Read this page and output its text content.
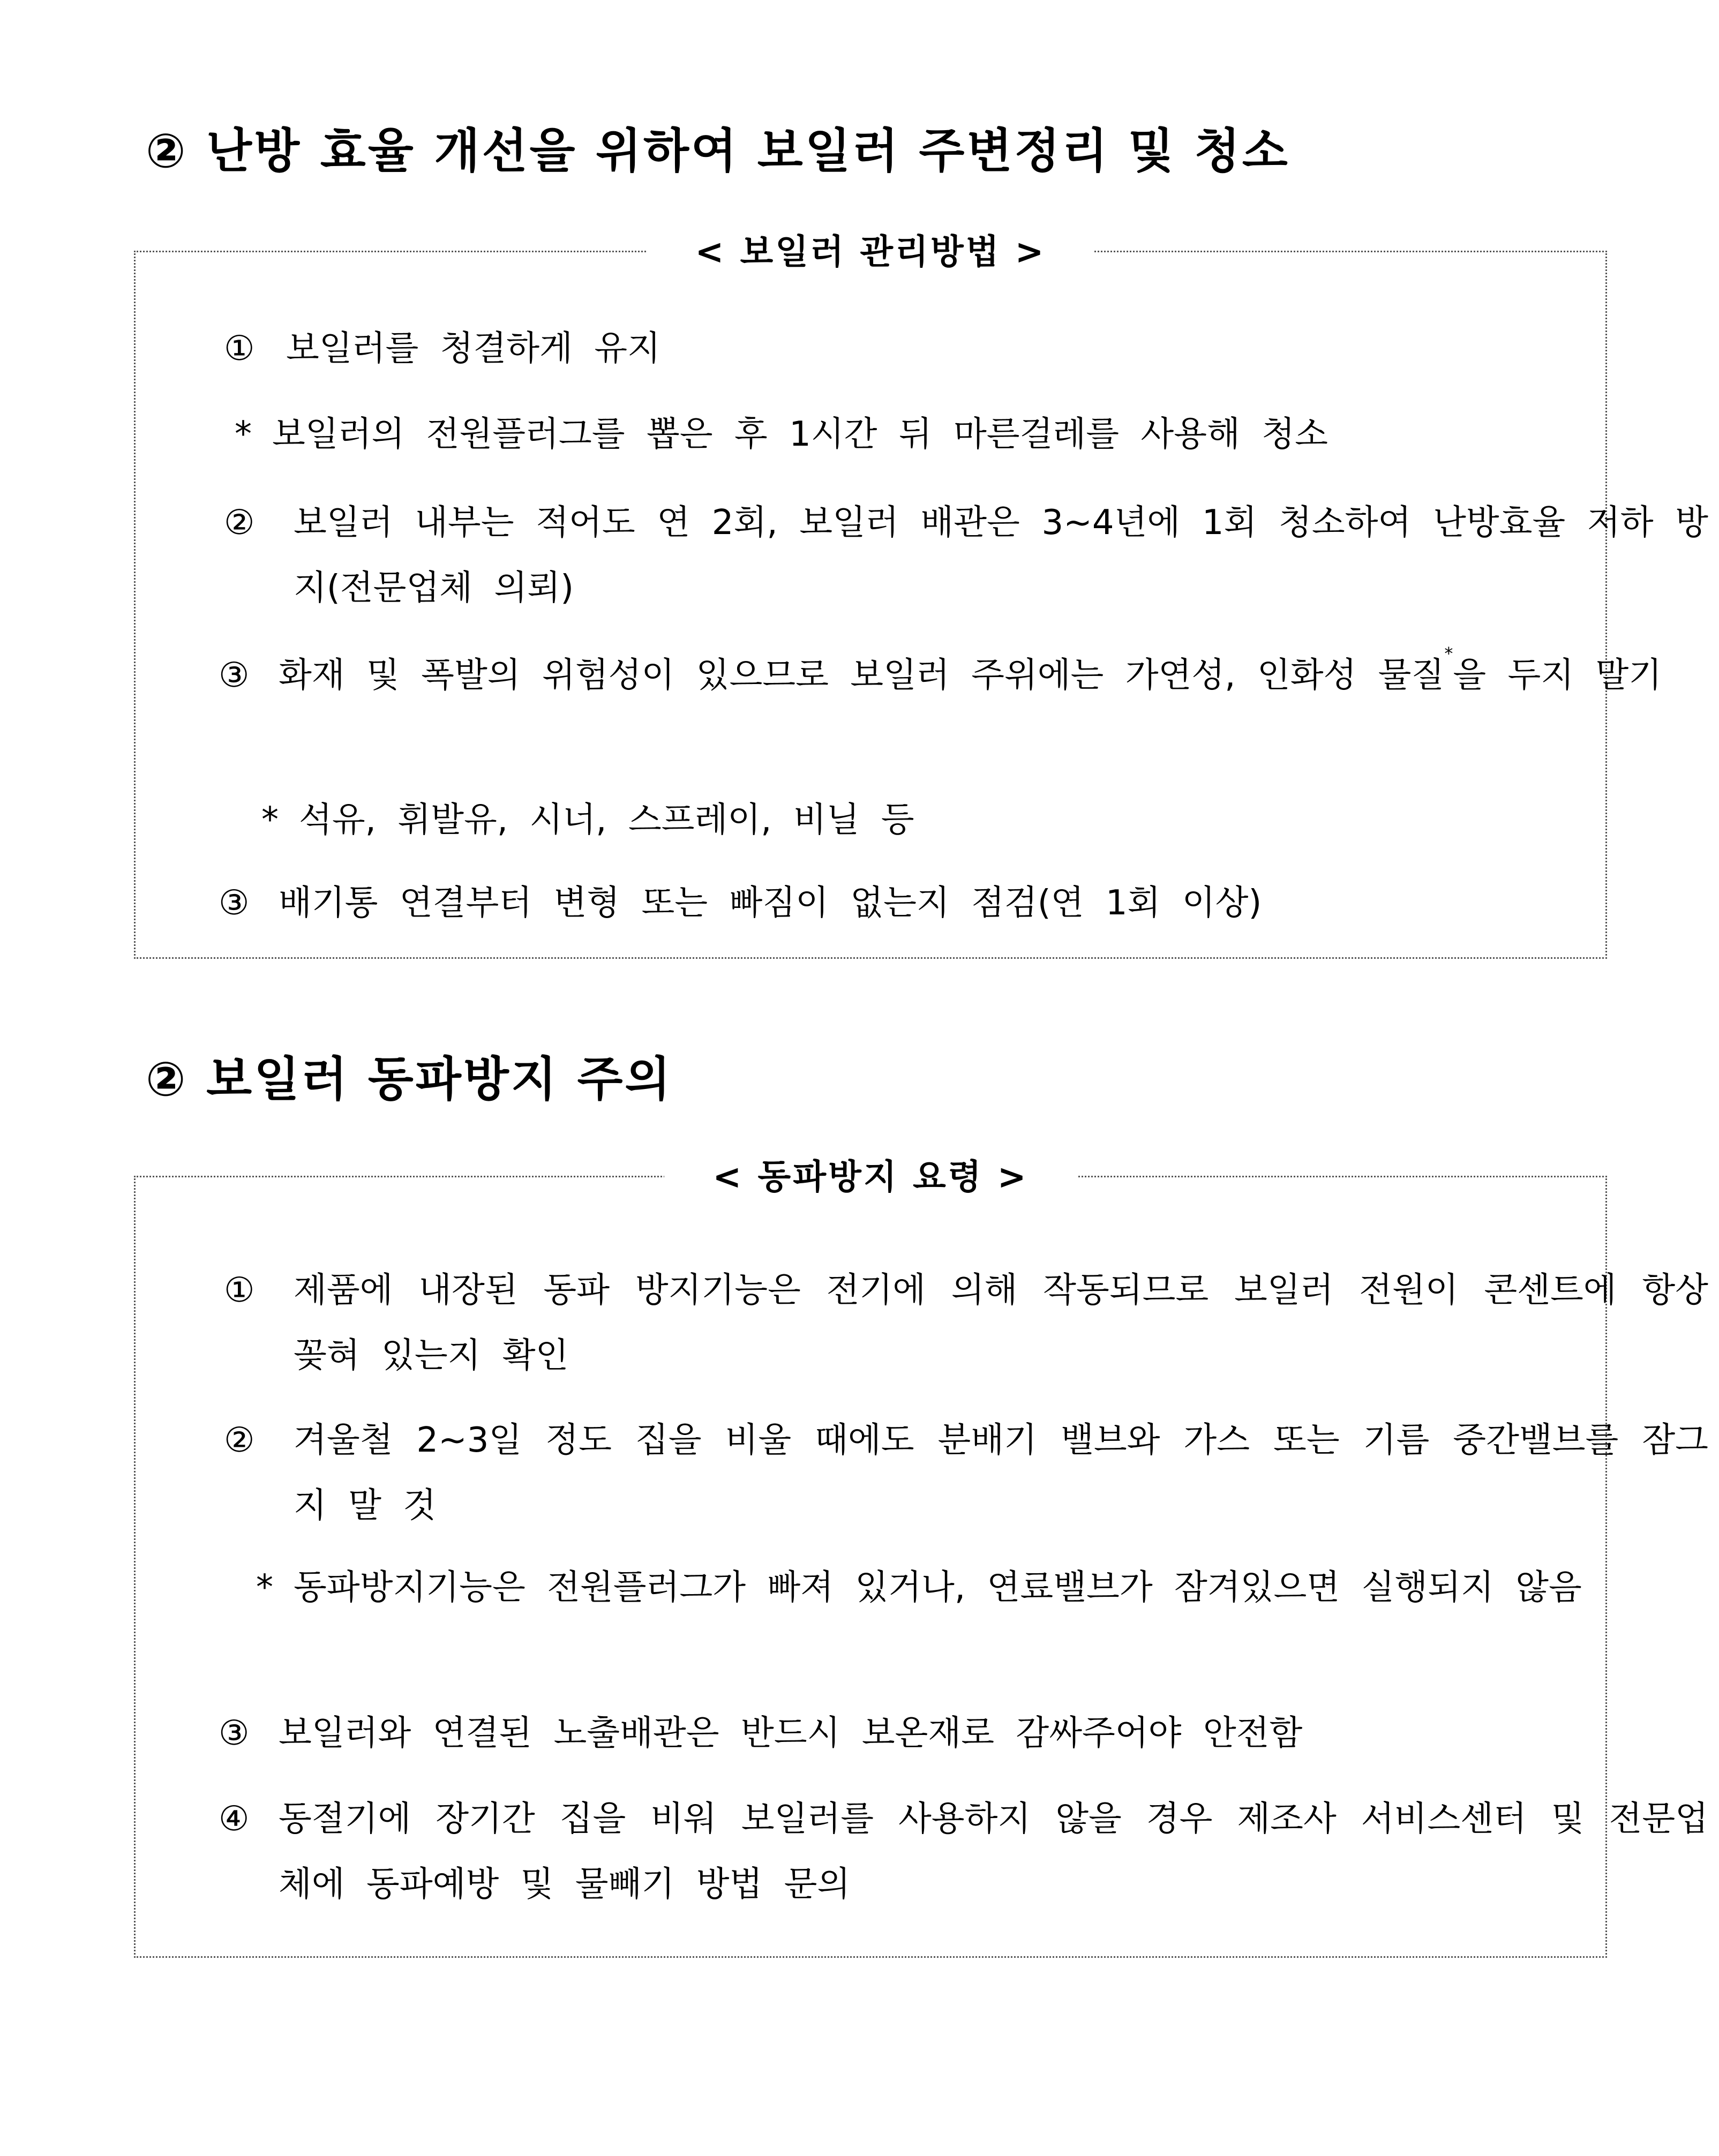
② 난방 효율 개선을 위하여 보일러 주변정리 및 청소
< 보일러 관리방법 >
① 보일러를 청결하게 유지
* 보일러의 전원플러그를 뽑은 후 1시간 뒤 마른걸레를 사용해 청소
②	보일러 내부는 적어도 연 2회, 보일러 배관은 3~4년에 1회 청소하여 난방효율 저하 방지(전문업체 의뢰)
③ 화재 및 폭발의 위험성이 있으므로 보일러 주위에는 가연성, 인화성 물질*을 두지 말기
* 석유, 휘발유, 시너, 스프레이, 비닐 등
③ 배기통 연결부터 변형 또는 빠짐이 없는지 점검(연 1회 이상)
② 보일러 동파방지 주의
< 동파방지 요령 >
①	제품에 내장된 동파 방지기능은 전기에 의해 작동되므로 보일러 전원이 콘센트에 항상 꽂혀 있는지 확인
②	겨울철 2~3일 정도 집을 비울 때에도 분배기 밸브와 가스 또는 기름 중간밸브를 잠그지 말 것
* 동파방지기능은 전원플러그가 빠져 있거나, 연료밸브가 잠겨있으면 실행되지 않음
③ 보일러와 연결된 노출배관은 반드시 보온재로 감싸주어야 안전함
④ 동절기에 장기간 집을 비워 보일러를 사용하지 않을 경우 제조사 서비스센터 및 전문업체에 동파예방 및 물빼기 방법 문의
